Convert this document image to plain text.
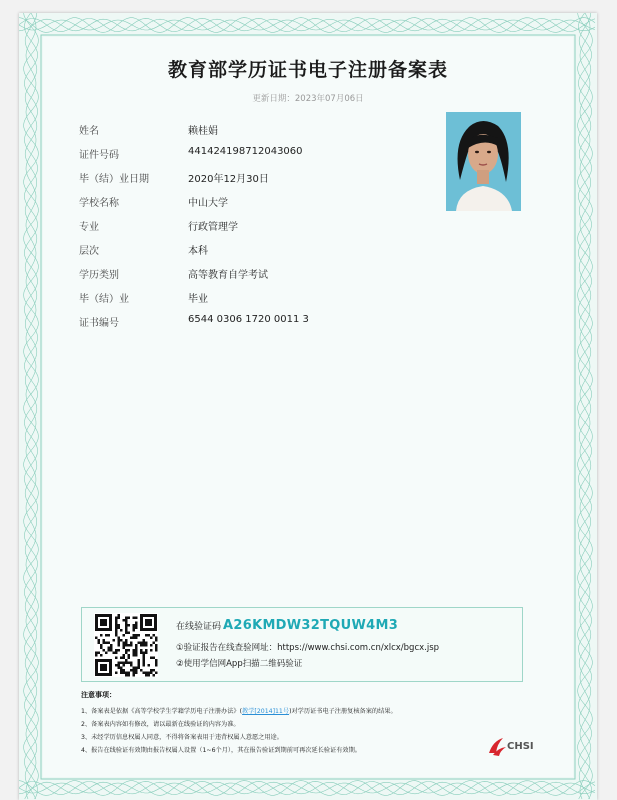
教育部学历证书电子注册备案表
更新日期：2023年07月06日
姓名	赖桂娟
证件号码	441424198712043060
毕（结）业日期	2020年12月30日
学校名称	中山大学
专业	行政管理学
层次	本科
学历类别	高等教育自学考试
毕（结）业	毕业
证书编号	6544 0306 1720 0011 3
在线验证码 A26KMDW32TQUW4M3
①验证报告在线查验网址：https://www.chsi.com.cn/xlcx/bgcx.jsp
②使用学信网App扫描二维码验证
注意事项：
1、备案表是依据《高等学校学生学籍学历电子注册办法》(教学[2014]11号)对学历证书电子注册复核备案的结果。
2、备案表内容如有修改，请以最新在线验证的内容为准。
3、未经学历信息权属人同意，不得将备案表用于违背权属人意愿之用途。
4、报告在线验证有效期由报告权属人设置（1~6个月），其在报告验证到期前可再次延长验证有效期。	CHSI
